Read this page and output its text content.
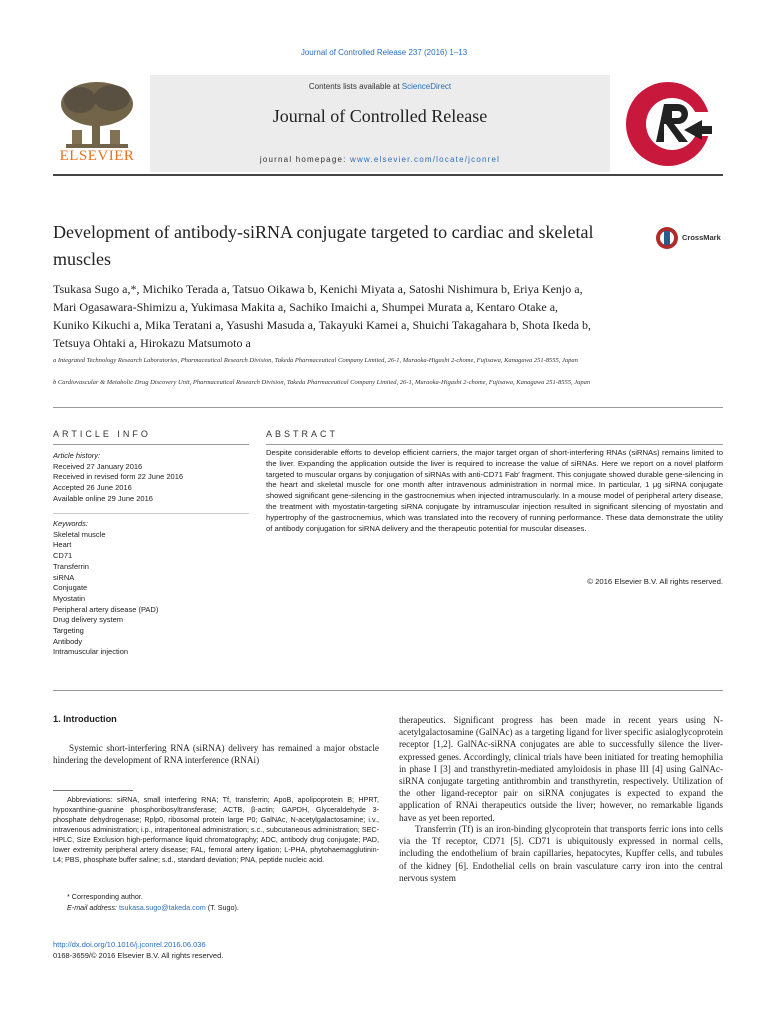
Journal of Controlled Release 237 (2016) 1–13
ELSEVIER
Contents lists available at ScienceDirect
Journal of Controlled Release
journal homepage: www.elsevier.com/locate/jconrel
Development of antibody-siRNA conjugate targeted to cardiac and skeletal muscles
CrossMark
Tsukasa Sugo a,*, Michiko Terada a, Tatsuo Oikawa b, Kenichi Miyata a, Satoshi Nishimura b, Eriya Kenjo a,
Mari Ogasawara-Shimizu a, Yukimasa Makita a, Sachiko Imaichi a, Shumpei Murata a, Kentaro Otake a,
Kuniko Kikuchi a, Mika Teratani a, Yasushi Masuda a, Takayuki Kamei a, Shuichi Takagahara b, Shota Ikeda b,
Tetsuya Ohtaki a, Hirokazu Matsumoto a
a Integrated Technology Research Laboratories, Pharmaceutical Research Division, Takeda Pharmaceutical Company Limited, 26-1, Muraoka-Higashi 2-chome, Fujisawa, Kanagawa 251-8555, Japan
b Cardiovascular & Metabolic Drug Discovery Unit, Pharmaceutical Research Division, Takeda Pharmaceutical Company Limited, 26-1, Muraoka-Higashi 2-chome, Fujisawa, Kanagawa 251-8555, Japan
ARTICLE INFO
Article history:
Received 27 January 2016
Received in revised form 22 June 2016
Accepted 26 June 2016
Available online 29 June 2016
Keywords:
Skeletal muscle
Heart
CD71
Transferrin
siRNA
Conjugate
Myostatin
Peripheral artery disease (PAD)
Drug delivery system
Targeting
Antibody
Intramuscular injection
ABSTRACT
Despite considerable efforts to develop efficient carriers, the major target organ of short-interfering RNAs (siRNAs) remains limited to the liver. Expanding the application outside the liver is required to increase the value of siRNAs. Here we report on a novel platform targeted to muscular organs by conjugation of siRNAs with anti-CD71 Fab′ fragment. This conjugate showed durable gene-silencing in the heart and skeletal muscle for one month after intravenous administration in normal mice. In particular, 1 μg siRNA conjugate showed significant gene-silencing in the gastrocnemius when injected intramuscularly. In a mouse model of peripheral artery disease, the treatment with myostatin-targeting siRNA conjugate by intramuscular injection resulted in significant silencing of myostatin and hypertrophy of the gastrocnemius, which was translated into the recovery of running performance. These data demonstrate the utility of antibody conjugation for siRNA delivery and the therapeutic potential for muscular diseases.
© 2016 Elsevier B.V. All rights reserved.
1. Introduction
Systemic short-interfering RNA (siRNA) delivery has remained a major obstacle hindering the development of RNA interference (RNAi)
therapeutics. Significant progress has been made in recent years using N-acetylgalactosamine (GalNAc) as a targeting ligand for liver specific asialoglycoprotein receptor [1,2]. GalNAc-siRNA conjugates are able to successfully silence the liver-expressed genes. Accordingly, clinical trials have been initiated for treating hemophilia in phase I [3] and transthyretin-mediated amyloidosis in phase III [4] using GalNAc-siRNA conjugate targeting antithrombin and transthyretin, respectively. Utilization of the other ligand-receptor pair on siRNA conjugates is expected to expand the application of RNAi therapeutics outside the liver; however, no remarkable ligands have as yet been reported.
Transferrin (Tf) is an iron-binding glycoprotein that transports ferric ions into cells via the Tf receptor, CD71 [5]. CD71 is ubiquitously expressed in normal cells, including the endothelium of brain capillaries, hepatocytes, Kupffer cells, and tubules of the kidney [6]. Endothelial cells on brain vasculature carry iron into the central nervous system
Abbreviations: siRNA, small interfering RNA; Tf, transferrin; ApoB, apolipoprotein B; HPRT, hypoxanthine-guanine phosphoribosyltransferase; ACTB, β-actin; GAPDH, Glyceraldehyde 3-phosphate dehydrogenase; Rplp0, ribosomal protein large P0; GalNAc, N-acetylgalactosamine; i.v., intravenous administration; i.p., intraperitoneal administration; s.c., subcutaneous administration; SEC-HPLC, Size Exclusion high-performance liquid chromatography; ADC, antibody drug conjugate; PAD, lower extremity peripheral artery disease; FAL, femoral artery ligation; L-PHA, phytohaemagglutinin-L4; PBS, phosphate buffer saline; s.d., standard deviation; PNA, peptide nucleic acid.
* Corresponding author.
E-mail address: tsukasa.sugo@takeda.com (T. Sugo).
http://dx.doi.org/10.1016/j.jconrel.2016.06.036
0168-3659/© 2016 Elsevier B.V. All rights reserved.
